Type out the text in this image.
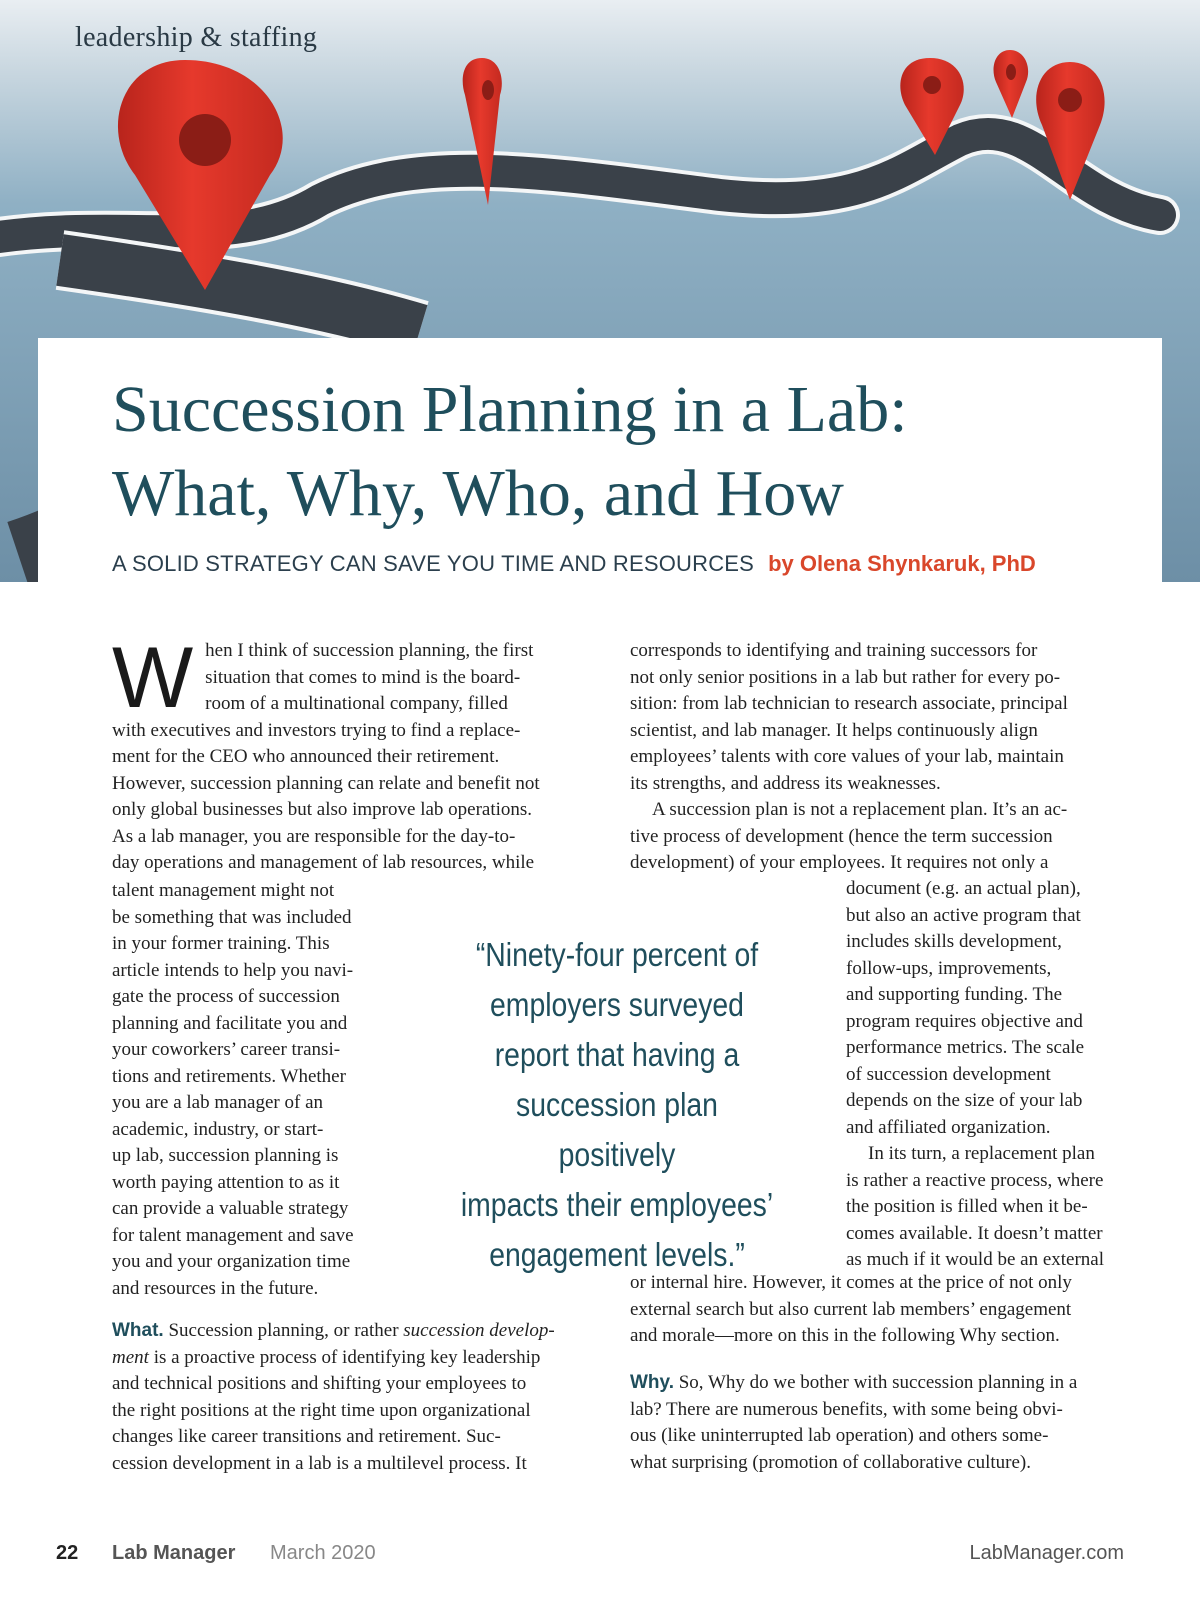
leadership & staffing
Succession Planning in a Lab:
What, Why, Who, and How
A SOLID STRATEGY CAN SAVE YOU TIME AND RESOURCES by Olena Shynkaruk, PhD
W hen I think of succession planning, the first
situation that comes to mind is the board-
room of a multinational company, filled
with executives and investors trying to find a replace-
ment for the CEO who announced their retirement.
However, succession planning can relate and benefit not
only global businesses but also improve lab operations.
As a lab manager, you are responsible for the day-to-
day operations and management of lab resources, while
talent management might not
be something that was included
in your former training. This
article intends to help you navi-
gate the process of succession
planning and facilitate you and
your coworkers’ career transi-
tions and retirements. Whether
you are a lab manager of an
academic, industry, or start-
up lab, succession planning is
worth paying attention to as it
can provide a valuable strategy
for talent management and save
you and your organization time
and resources in the future.
What. Succession planning, or rather succession develop-
ment is a proactive process of identifying key leadership
and technical positions and shifting your employees to
the right positions at the right time upon organizational
changes like career transitions and retirement. Suc-
cession development in a lab is a multilevel process. It
corresponds to identifying and training successors for
not only senior positions in a lab but rather for every po-
sition: from lab technician to research associate, principal
scientist, and lab manager. It helps continuously align
employees’ talents with core values of your lab, maintain
its strengths, and address its weaknesses.
A succession plan is not a replacement plan. It’s an ac-
tive process of development (hence the term succession
development) of your employees. It requires not only a
document (e.g. an actual plan),
but also an active program that
includes skills development,
follow-ups, improvements,
and supporting funding. The
program requires objective and
performance metrics. The scale
of succession development
depends on the size of your lab
and affiliated organization.
In its turn, a replacement plan
is rather a reactive process, where
the position is filled when it be-
comes available. It doesn’t matter
as much if it would be an external
or internal hire. However, it comes at the price of not only
external search but also current lab members’ engagement
and morale—more on this in the following Why section.
Why. So, Why do we bother with succession planning in a
lab? There are numerous benefits, with some being obvi-
ous (like uninterrupted lab operation) and others some-
what surprising (promotion of collaborative culture).
“Ninety-four percent of
employers surveyed
report that having a
succession plan positively
impacts their employees’
engagement levels.”
22 Lab Manager March 2020	LabManager.com
